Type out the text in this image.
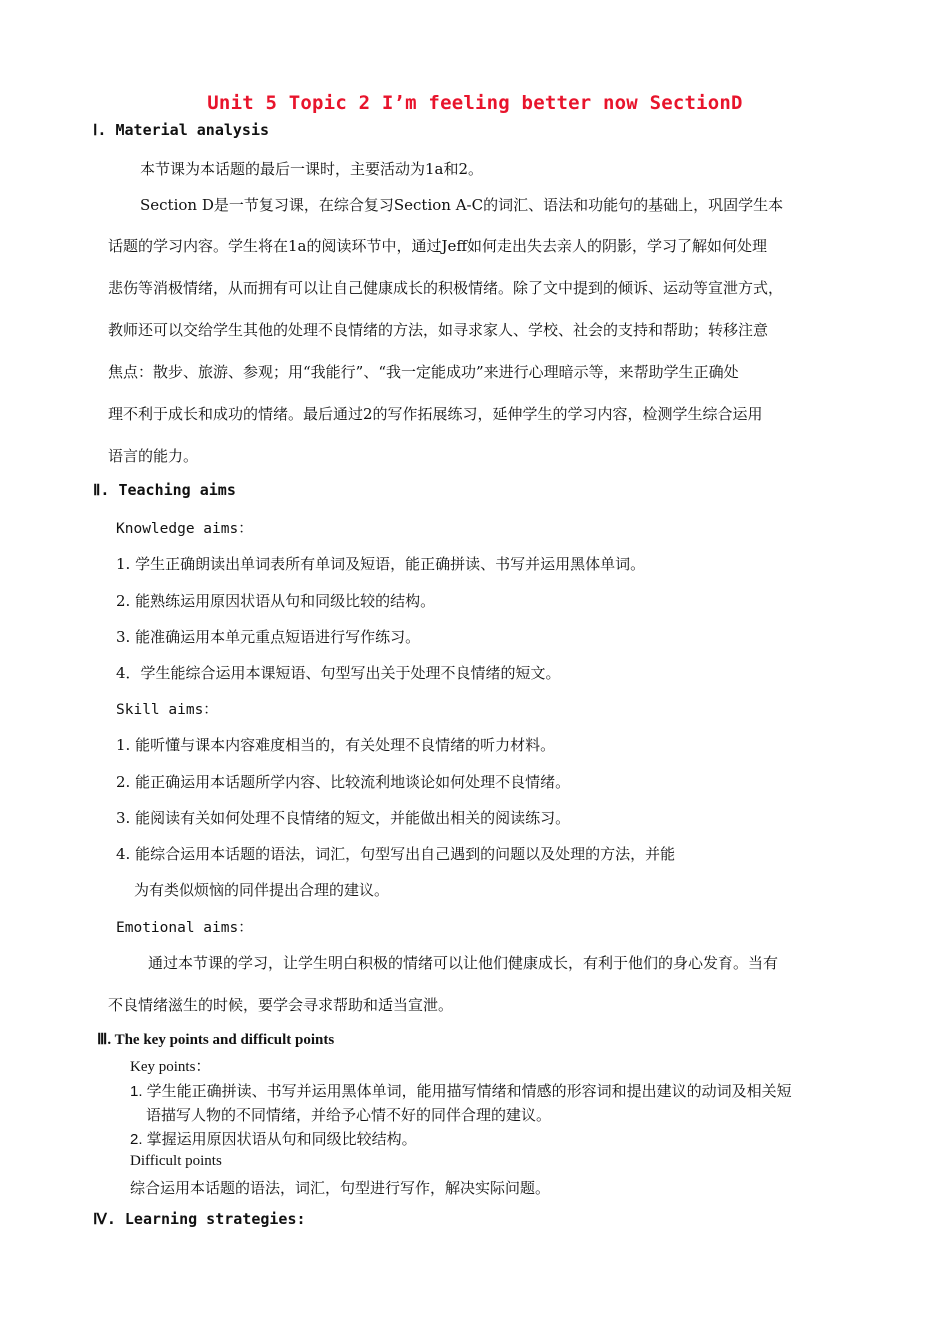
Unit 5 Topic 2 I’m feeling better now SectionD
Ⅰ. Material analysis
本节课为本话题的最后一课时，主要活动为1a和2。
Section D是一节复习课，在综合复习Section A-C的词汇、语法和功能句的基础上，巩固学生本
话题的学习内容。学生将在1a的阅读环节中，通过Jeff如何走出失去亲人的阴影，学习了解如何处理
悲伤等消极情绪，从而拥有可以让自己健康成长的积极情绪。除了文中提到的倾诉、运动等宣泄方式，
教师还可以交给学生其他的处理不良情绪的方法，如寻求家人、学校、社会的支持和帮助；转移注意
焦点：散步、旅游、参观；用“我能行”、“我一定能成功”来进行心理暗示等，来帮助学生正确处
理不利于成长和成功的情绪。最后通过2的写作拓展练习，延伸学生的学习内容，检测学生综合运用
语言的能力。
Ⅱ. Teaching aims
Knowledge aims：
1. 学生正确朗读出单词表所有单词及短语，能正确拼读、书写并运用黑体单词。
2. 能熟练运用原因状语从句和同级比较的结构。
3. 能准确运用本单元重点短语进行写作练习。
4．学生能综合运用本课短语、句型写出关于处理不良情绪的短文。
Skill aims：
1. 能听懂与课本内容难度相当的，有关处理不良情绪的听力材料。
2. 能正确运用本话题所学内容、比较流利地谈论如何处理不良情绪。
3. 能阅读有关如何处理不良情绪的短文，并能做出相关的阅读练习。
4. 能综合运用本话题的语法，词汇，句型写出自己遇到的问题以及处理的方法，并能
为有类似烦恼的同伴提出合理的建议。
Emotional aims：
通过本节课的学习，让学生明白积极的情绪可以让他们健康成长，有利于他们的身心发育。当有
不良情绪滋生的时候，要学会寻求帮助和适当宣泄。
Ⅲ. The key points and difficult points
Key points：
1. 学生能正确拼读、书写并运用黑体单词，能用描写情绪和情感的形容词和提出建议的动词及相关短
语描写人物的不同情绪，并给予心情不好的同伴合理的建议。
2. 掌握运用原因状语从句和同级比较结构。
Difficult points
综合运用本话题的语法，词汇，句型进行写作，解决实际问题。
Ⅳ. Learning strategies:
